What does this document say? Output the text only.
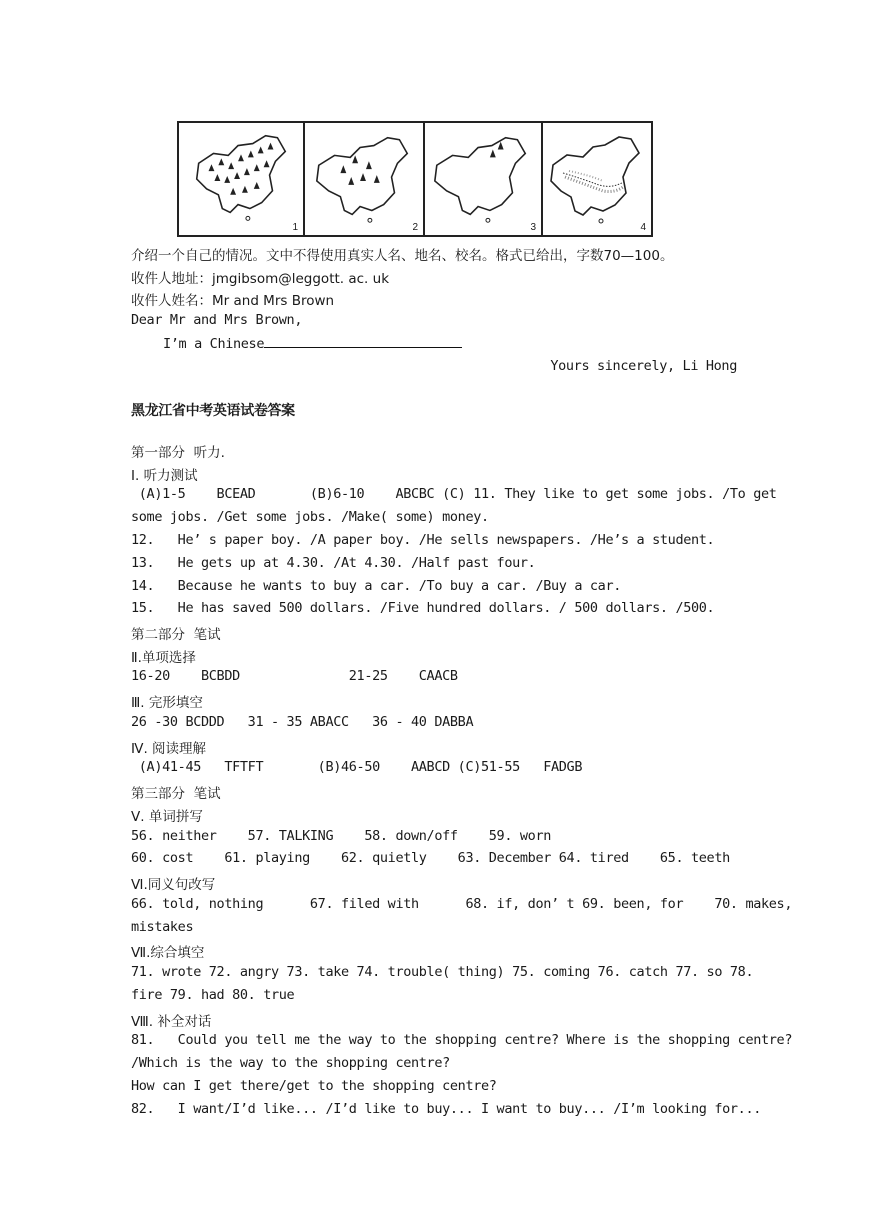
1	2	3	4
介绍一个自己的情况。文中不得使用真实人名、地名、校名。格式已给出，字数70—100。
收件人地址：jmgibsom@leggott. ac. uk
收件人姓名：Mr and Mrs Brown
Dear Mr and Mrs Brown,
I’m a Chinese
Yours sincerely, Li Hong
黑龙江省中考英语试卷答案
第一部分  听力.
Ⅰ. 听力测试
(A)1-5    BCEAD       (B)6-10    ABCBC (C) 11. They like to get some jobs. /To get
some jobs. /Get some jobs. /Make( some) money.
12.   He’ s paper boy. /A paper boy. /He sells newspapers. /He’s a student.
13.   He gets up at 4.30. /At 4.30. /Half past four.
14.   Because he wants to buy a car. /To buy a car. /Buy a car.
15.   He has saved 500 dollars. /Five hundred dollars. / 500 dollars. /500.
第二部分  笔试
Ⅱ.单项选择
16-20    BCBDD              21-25    CAACB
Ⅲ. 完形填空
26 -30 BCDDD   31 - 35 ABACC   36 - 40 DABBA
Ⅳ. 阅读理解
(A)41-45   TFTFT       (B)46-50    AABCD (C)51-55   FADGB
第三部分  笔试
Ⅴ. 单词拼写
56. neither    57. TALKING    58. down/off    59. worn
60. cost    61. playing    62. quietly    63. December 64. tired    65. teeth
Ⅵ.同义句改写
66. told, nothing      67. filed with      68. if, don’ t 69. been, for    70. makes,
mistakes
Ⅶ.综合填空
71. wrote 72. angry 73. take 74. trouble( thing) 75. coming 76. catch 77. so 78.
fire 79. had 80. true
Ⅷ. 补全对话
81.   Could you tell me the way to the shopping centre? Where is the shopping centre?
/Which is the way to the shopping centre?
How can I get there/get to the shopping centre?
82.   I want/I’d like... /I’d like to buy... I want to buy... /I’m looking for...
